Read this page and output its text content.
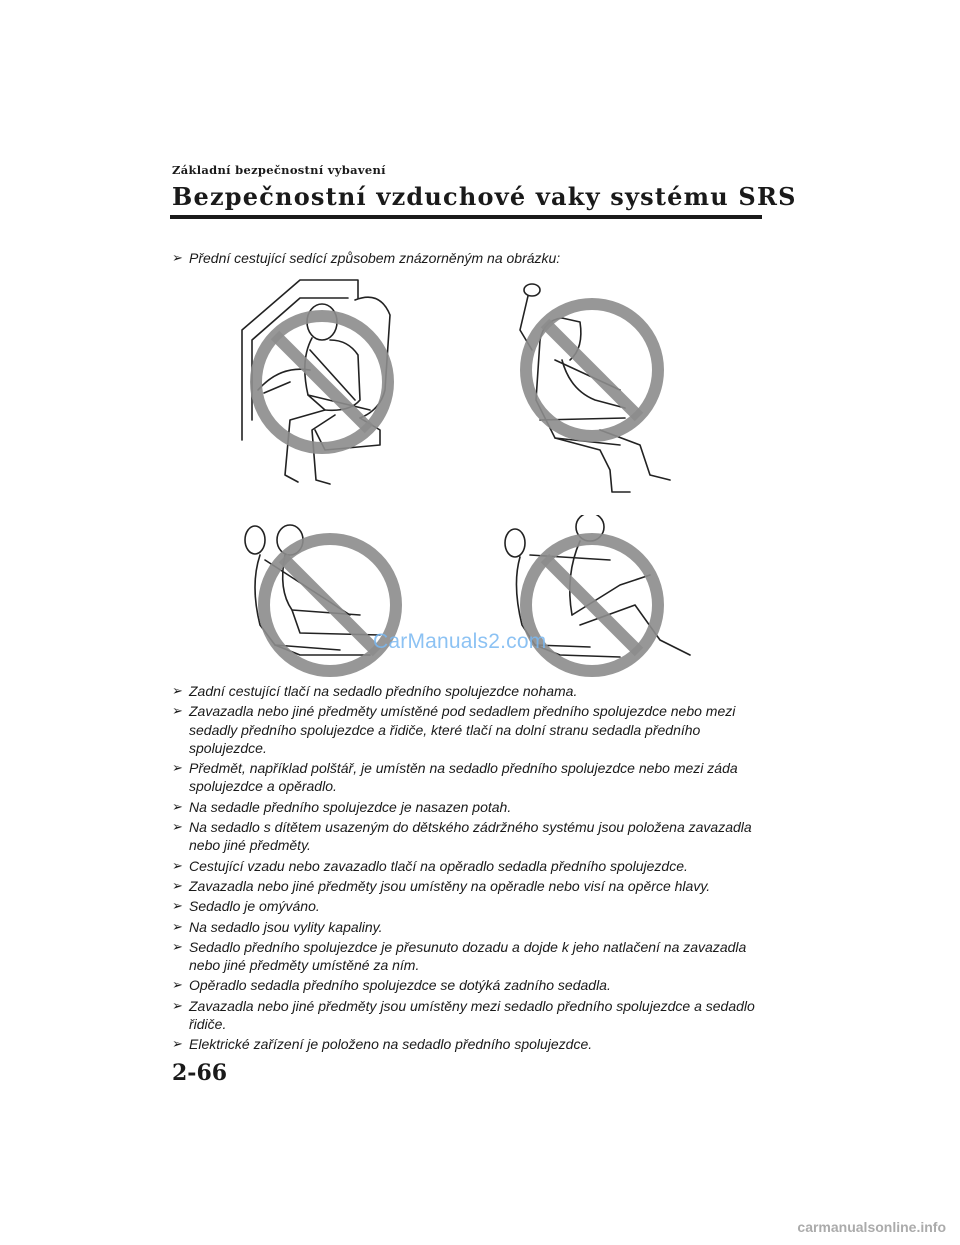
Základní bezpečnostní vybavení
Bezpečnostní vzduchové vaky systému SRS
➢ Přední cestující sedící způsobem znázorněným na obrázku:
CarManuals2.com
➢ Zadní cestující tlačí na sedadlo předního spolujezdce nohama.
➢ Zavazadla nebo jiné předměty umístěné pod sedadlem předního spolujezdce nebo mezi sedadly předního spolujezdce a řidiče, které tlačí na dolní stranu sedadla předního spolujezdce.
➢ Předmět, například polštář, je umístěn na sedadlo předního spolujezdce nebo mezi záda spolujezdce a opěradlo.
➢ Na sedadle předního spolujezdce je nasazen potah.
➢ Na sedadlo s dítětem usazeným do dětského zádržného systému jsou položena zavazadla nebo jiné předměty.
➢ Cestující vzadu nebo zavazadlo tlačí na opěradlo sedadla předního spolujezdce.
➢ Zavazadla nebo jiné předměty jsou umístěny na opěradle nebo visí na opěrce hlavy.
➢ Sedadlo je omýváno.
➢ Na sedadlo jsou vylity kapaliny.
➢ Sedadlo předního spolujezdce je přesunuto dozadu a dojde k jeho natlačení na zavazadla nebo jiné předměty umístěné za ním.
➢ Opěradlo sedadla předního spolujezdce se dotýká zadního sedadla.
➢ Zavazadla nebo jiné předměty jsou umístěny mezi sedadlo předního spolujezdce a sedadlo řidiče.
➢ Elektrické zařízení je položeno na sedadlo předního spolujezdce.
2-66
carmanualsonline.info
